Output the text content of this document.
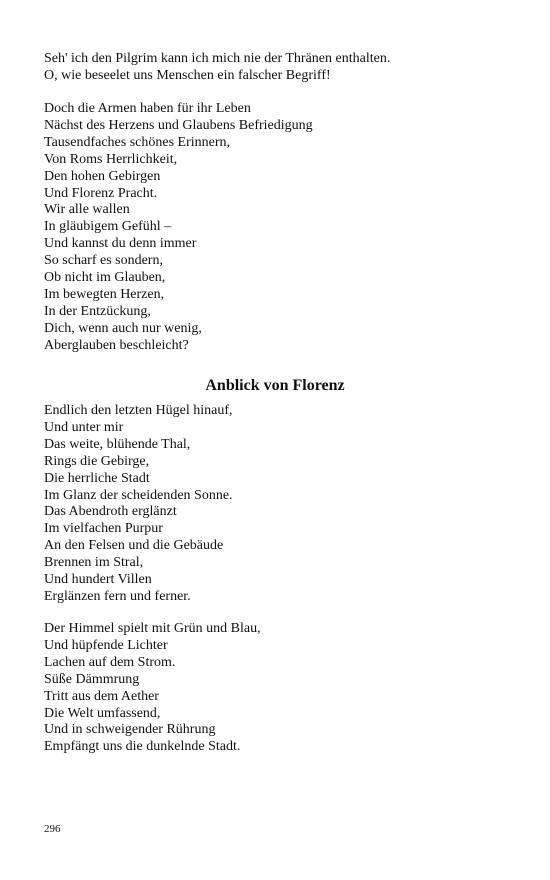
Seh' ich den Pilgrim kann ich mich nie der Thränen enthalten.
O, wie beseelet uns Menschen ein falscher Begriff!
Doch die Armen haben für ihr Leben
Nächst des Herzens und Glaubens Befriedigung
Tausendfaches schönes Erinnern,
Von Roms Herrlichkeit,
Den hohen Gebirgen
Und Florenz Pracht.
Wir alle wallen
In gläubigem Gefühl –
Und kannst du denn immer
So scharf es sondern,
Ob nicht im Glauben,
Im bewegten Herzen,
In der Entzückung,
Dich, wenn auch nur wenig,
Aberglauben beschleicht?
Anblick von Florenz
Endlich den letzten Hügel hinauf,
Und unter mir
Das weite, blühende Thal,
Rings die Gebirge,
Die herrliche Stadt
Im Glanz der scheidenden Sonne.
Das Abendroth erglänzt
Im vielfachen Purpur
An den Felsen und die Gebäude
Brennen im Stral,
Und hundert Villen
Erglänzen fern und ferner.
Der Himmel spielt mit Grün und Blau,
Und hüpfende Lichter
Lachen auf dem Strom.
Süße Dämmrung
Tritt aus dem Aether
Die Welt umfassend,
Und in schweigender Rührung
Empfängt uns die dunkelnde Stadt.
296
